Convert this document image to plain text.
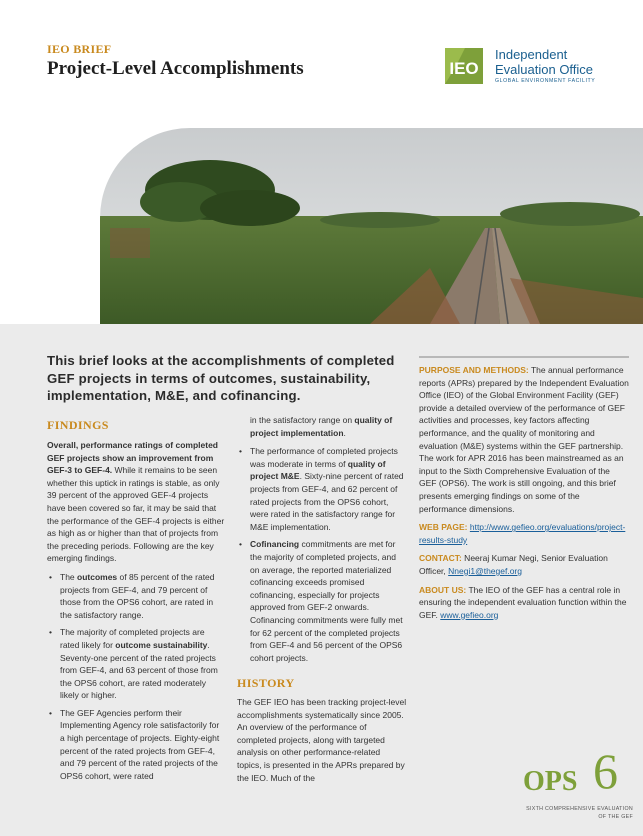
IEO BRIEF
Project-Level Accomplishments	IEO
Independent
Evaluation Office
GLOBAL ENVIRONMENT FACILITY
This brief looks at the accomplishments of completed GEF projects in terms of outcomes, sustainability, implementation, M&E, and cofinancing.
FINDINGS

Overall, performance ratings of completed GEF projects show an improvement from GEF-3 to GEF-4. While it remains to be seen whether this uptick in ratings is stable, as only 39 percent of the approved GEF-4 projects have been covered so far, it may be said that the performance of the GEF-4 projects is either as high as or higher than that of projects from the preceding periods. Following are the key emerging findings.

• The outcomes of 85 percent of the rated projects from GEF-4, and 79 percent of those from the OPS6 cohort, are rated in the satisfactory range.
• The majority of completed projects are rated likely for outcome sustainability. Seventy-one percent of the rated projects from GEF-4, and 63 percent of those from the OPS6 cohort, are rated moderately likely or higher.
• The GEF Agencies perform their Implementing Agency role satisfactorily for a high percentage of projects. Eighty-eight percent of the rated projects from GEF-4, and 79 percent of the rated projects of the OPS6 cohort, were rated

in the satisfactory range on quality of project implementation.

• The performance of completed projects was moderate in terms of quality of project M&E. Sixty-nine percent of rated projects from GEF-4, and 62 percent of rated projects from the OPS6 cohort, were rated in the satisfactory range for M&E implementation.
• Cofinancing commitments are met for the majority of completed projects, and on average, the reported materialized cofinancing exceeds promised cofinancing, especially for projects approved from GEF-2 onwards. Cofinancing commitments were fully met for 62 percent of the completed projects from GEF-4 and 56 percent of the OPS6 cohort projects.
HISTORY

The GEF IEO has been tracking project-level accomplishments systematically since 2005. An overview of the performance of completed projects, along with targeted analysis on other performance-related topics, is presented in the APRs prepared by the IEO. Much of the

PURPOSE AND METHODS: The annual performance reports (APRs) prepared by the Independent Evaluation Office (IEO) of the Global Environment Facility (GEF) provide a detailed overview of the performance of GEF activities and processes, key factors affecting performance, and the quality of monitoring and evaluation (M&E) systems within the GEF partnership. The work for APR 2016 has been mainstreamed as an input to the Sixth Comprehensive Evaluation of the GEF (OPS6). The work is still ongoing, and this brief presents emerging findings on some of the performance dimensions.

WEB PAGE: http://www.gefieo.org/evaluations/project-results-study

CONTACT: Neeraj Kumar Negi, Senior Evaluation Officer, Nnegi1@thegef.org

ABOUT US: The IEO of the GEF has a central role in ensuring the independent evaluation function within the GEF. www.gefieo.org

OPS 6
SIXTH COMPREHENSIVE EVALUATION
OF THE GEF
